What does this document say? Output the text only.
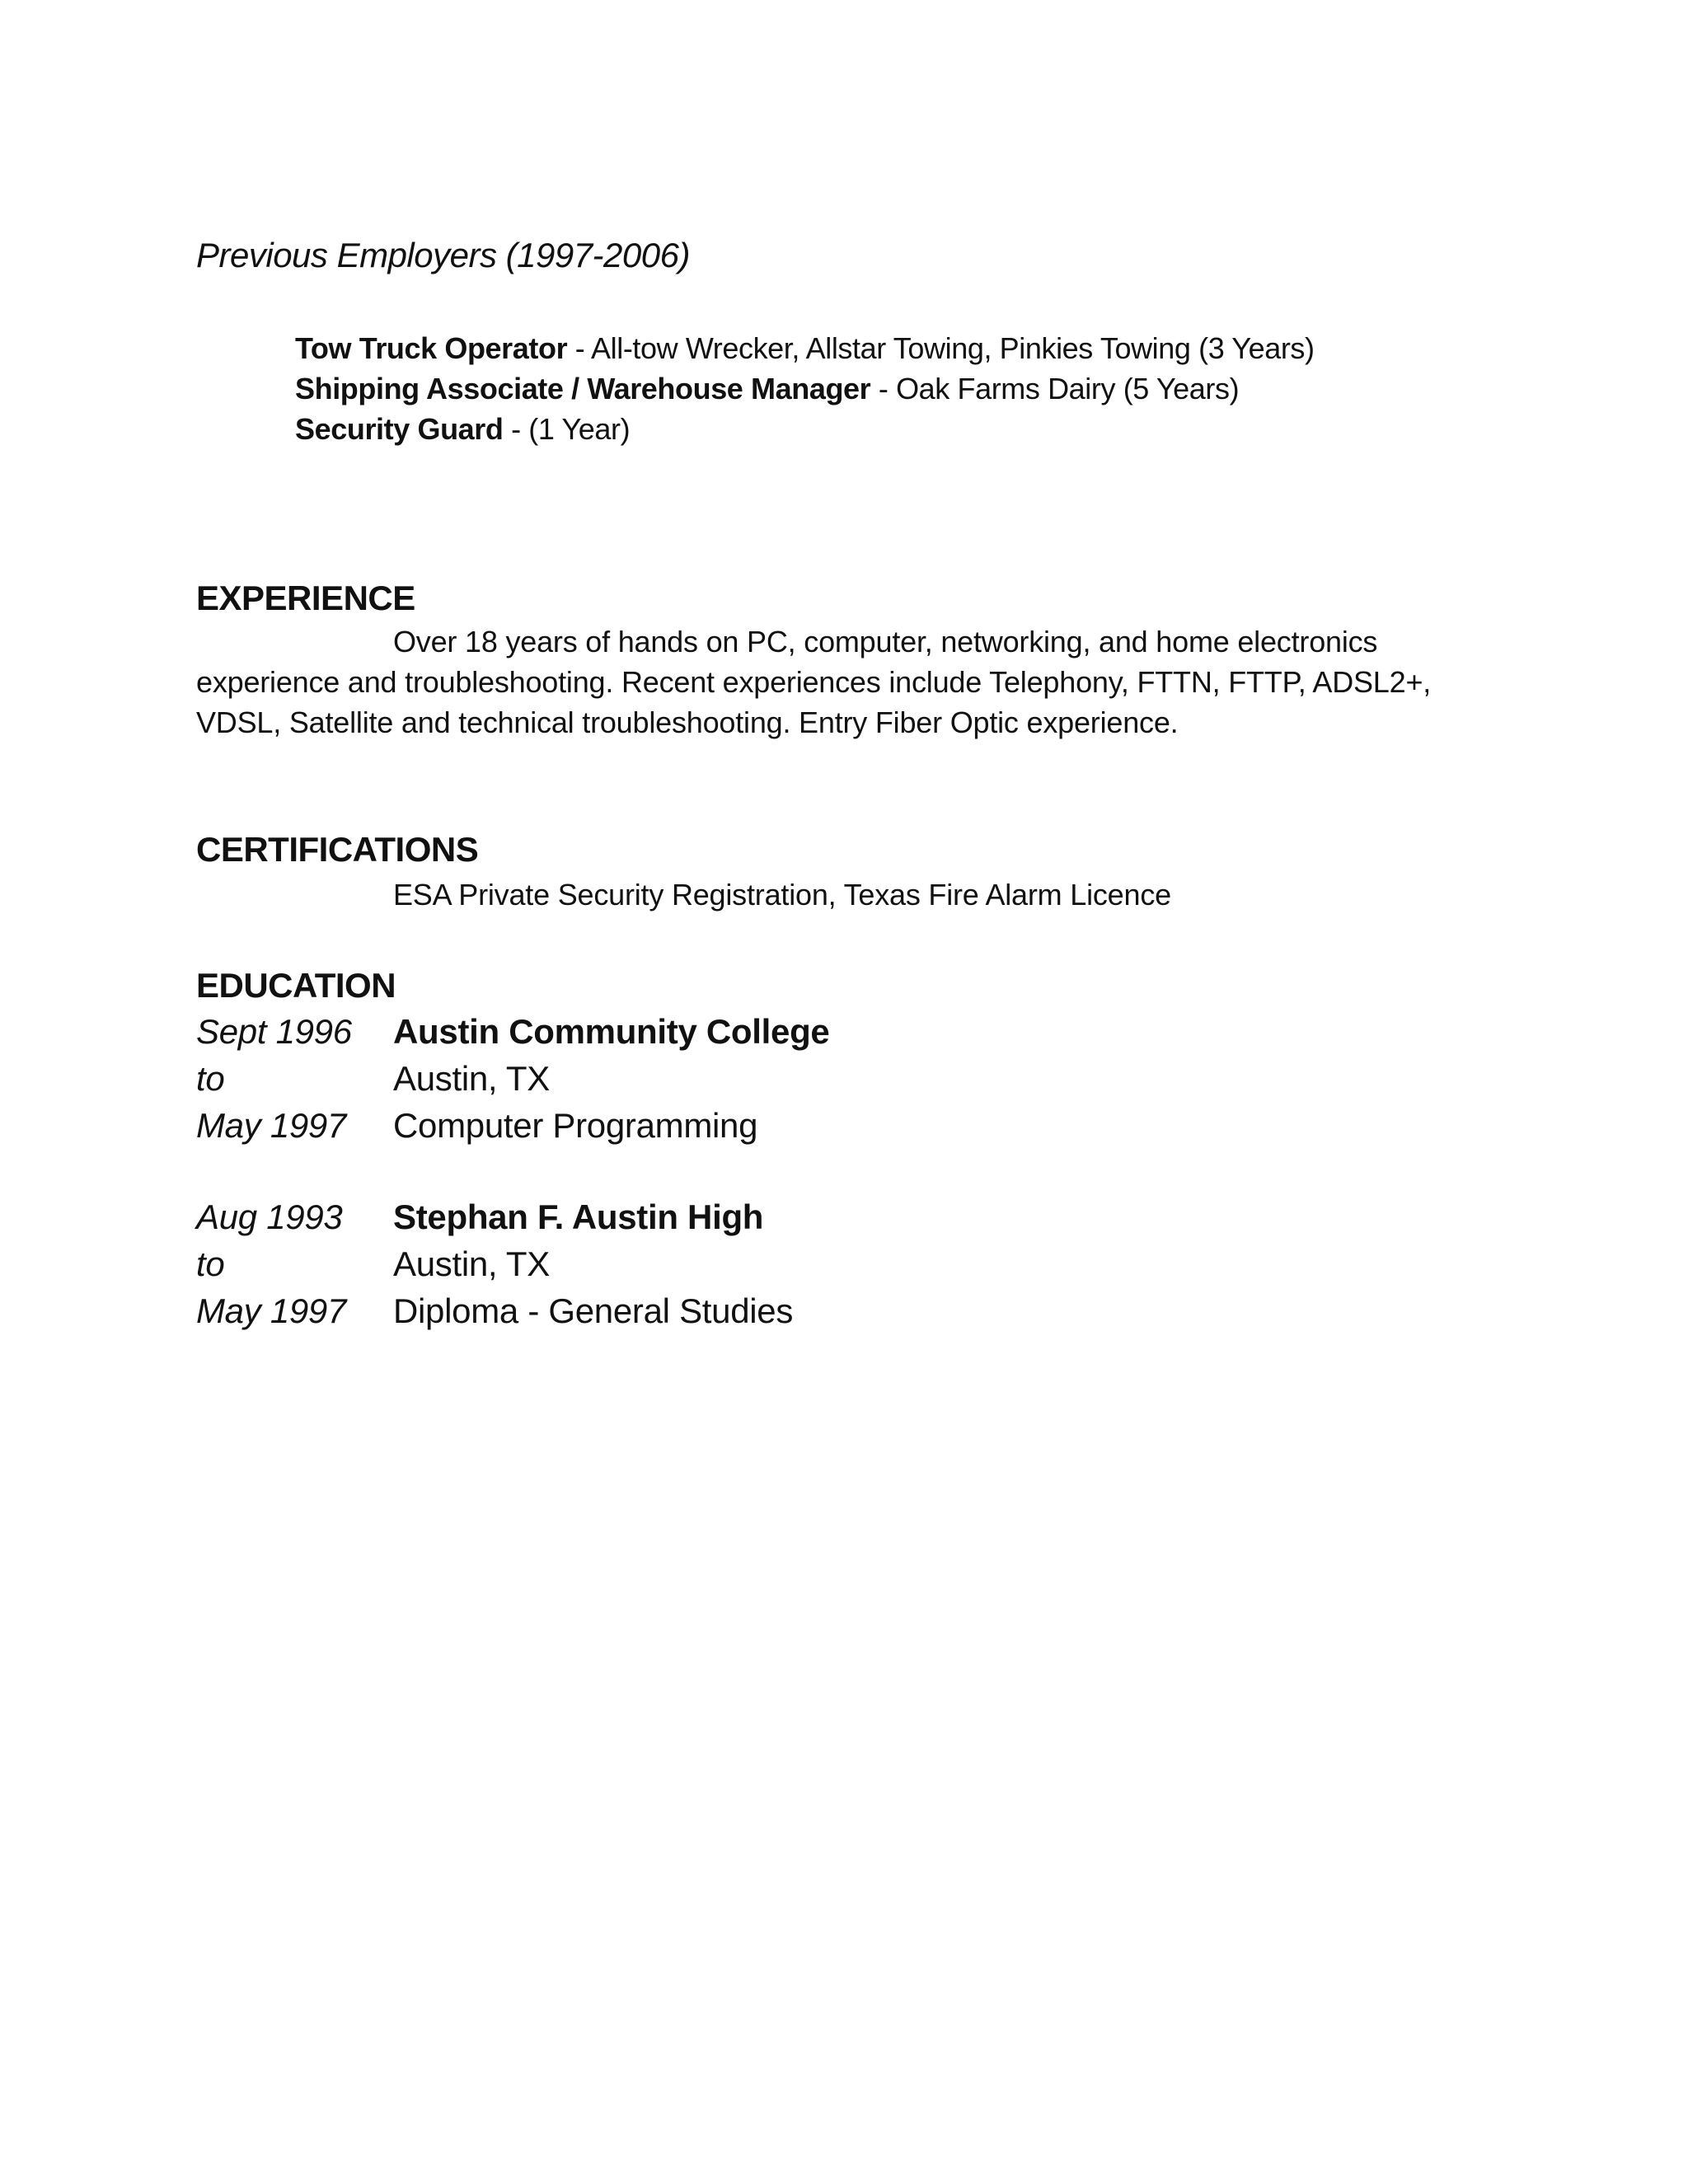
Previous Employers (1997-2006)
Tow Truck Operator - All-tow Wrecker, Allstar Towing, Pinkies Towing (3 Years)
Shipping Associate / Warehouse Manager - Oak Farms Dairy (5 Years)
Security Guard - (1 Year)
EXPERIENCE
Over 18 years of hands on PC, computer, networking, and home electronics
experience and troubleshooting. Recent experiences include Telephony, FTTN, FTTP, ADSL2+,
VDSL, Satellite and technical troubleshooting. Entry Fiber Optic experience.
CERTIFICATIONS
ESA Private Security Registration, Texas Fire Alarm Licence
EDUCATION
Sept 1996
to
May 1997
Austin Community College
Austin, TX
Computer Programming
Aug 1993
to
May 1997
Stephan F. Austin High
Austin, TX
Diploma - General Studies
